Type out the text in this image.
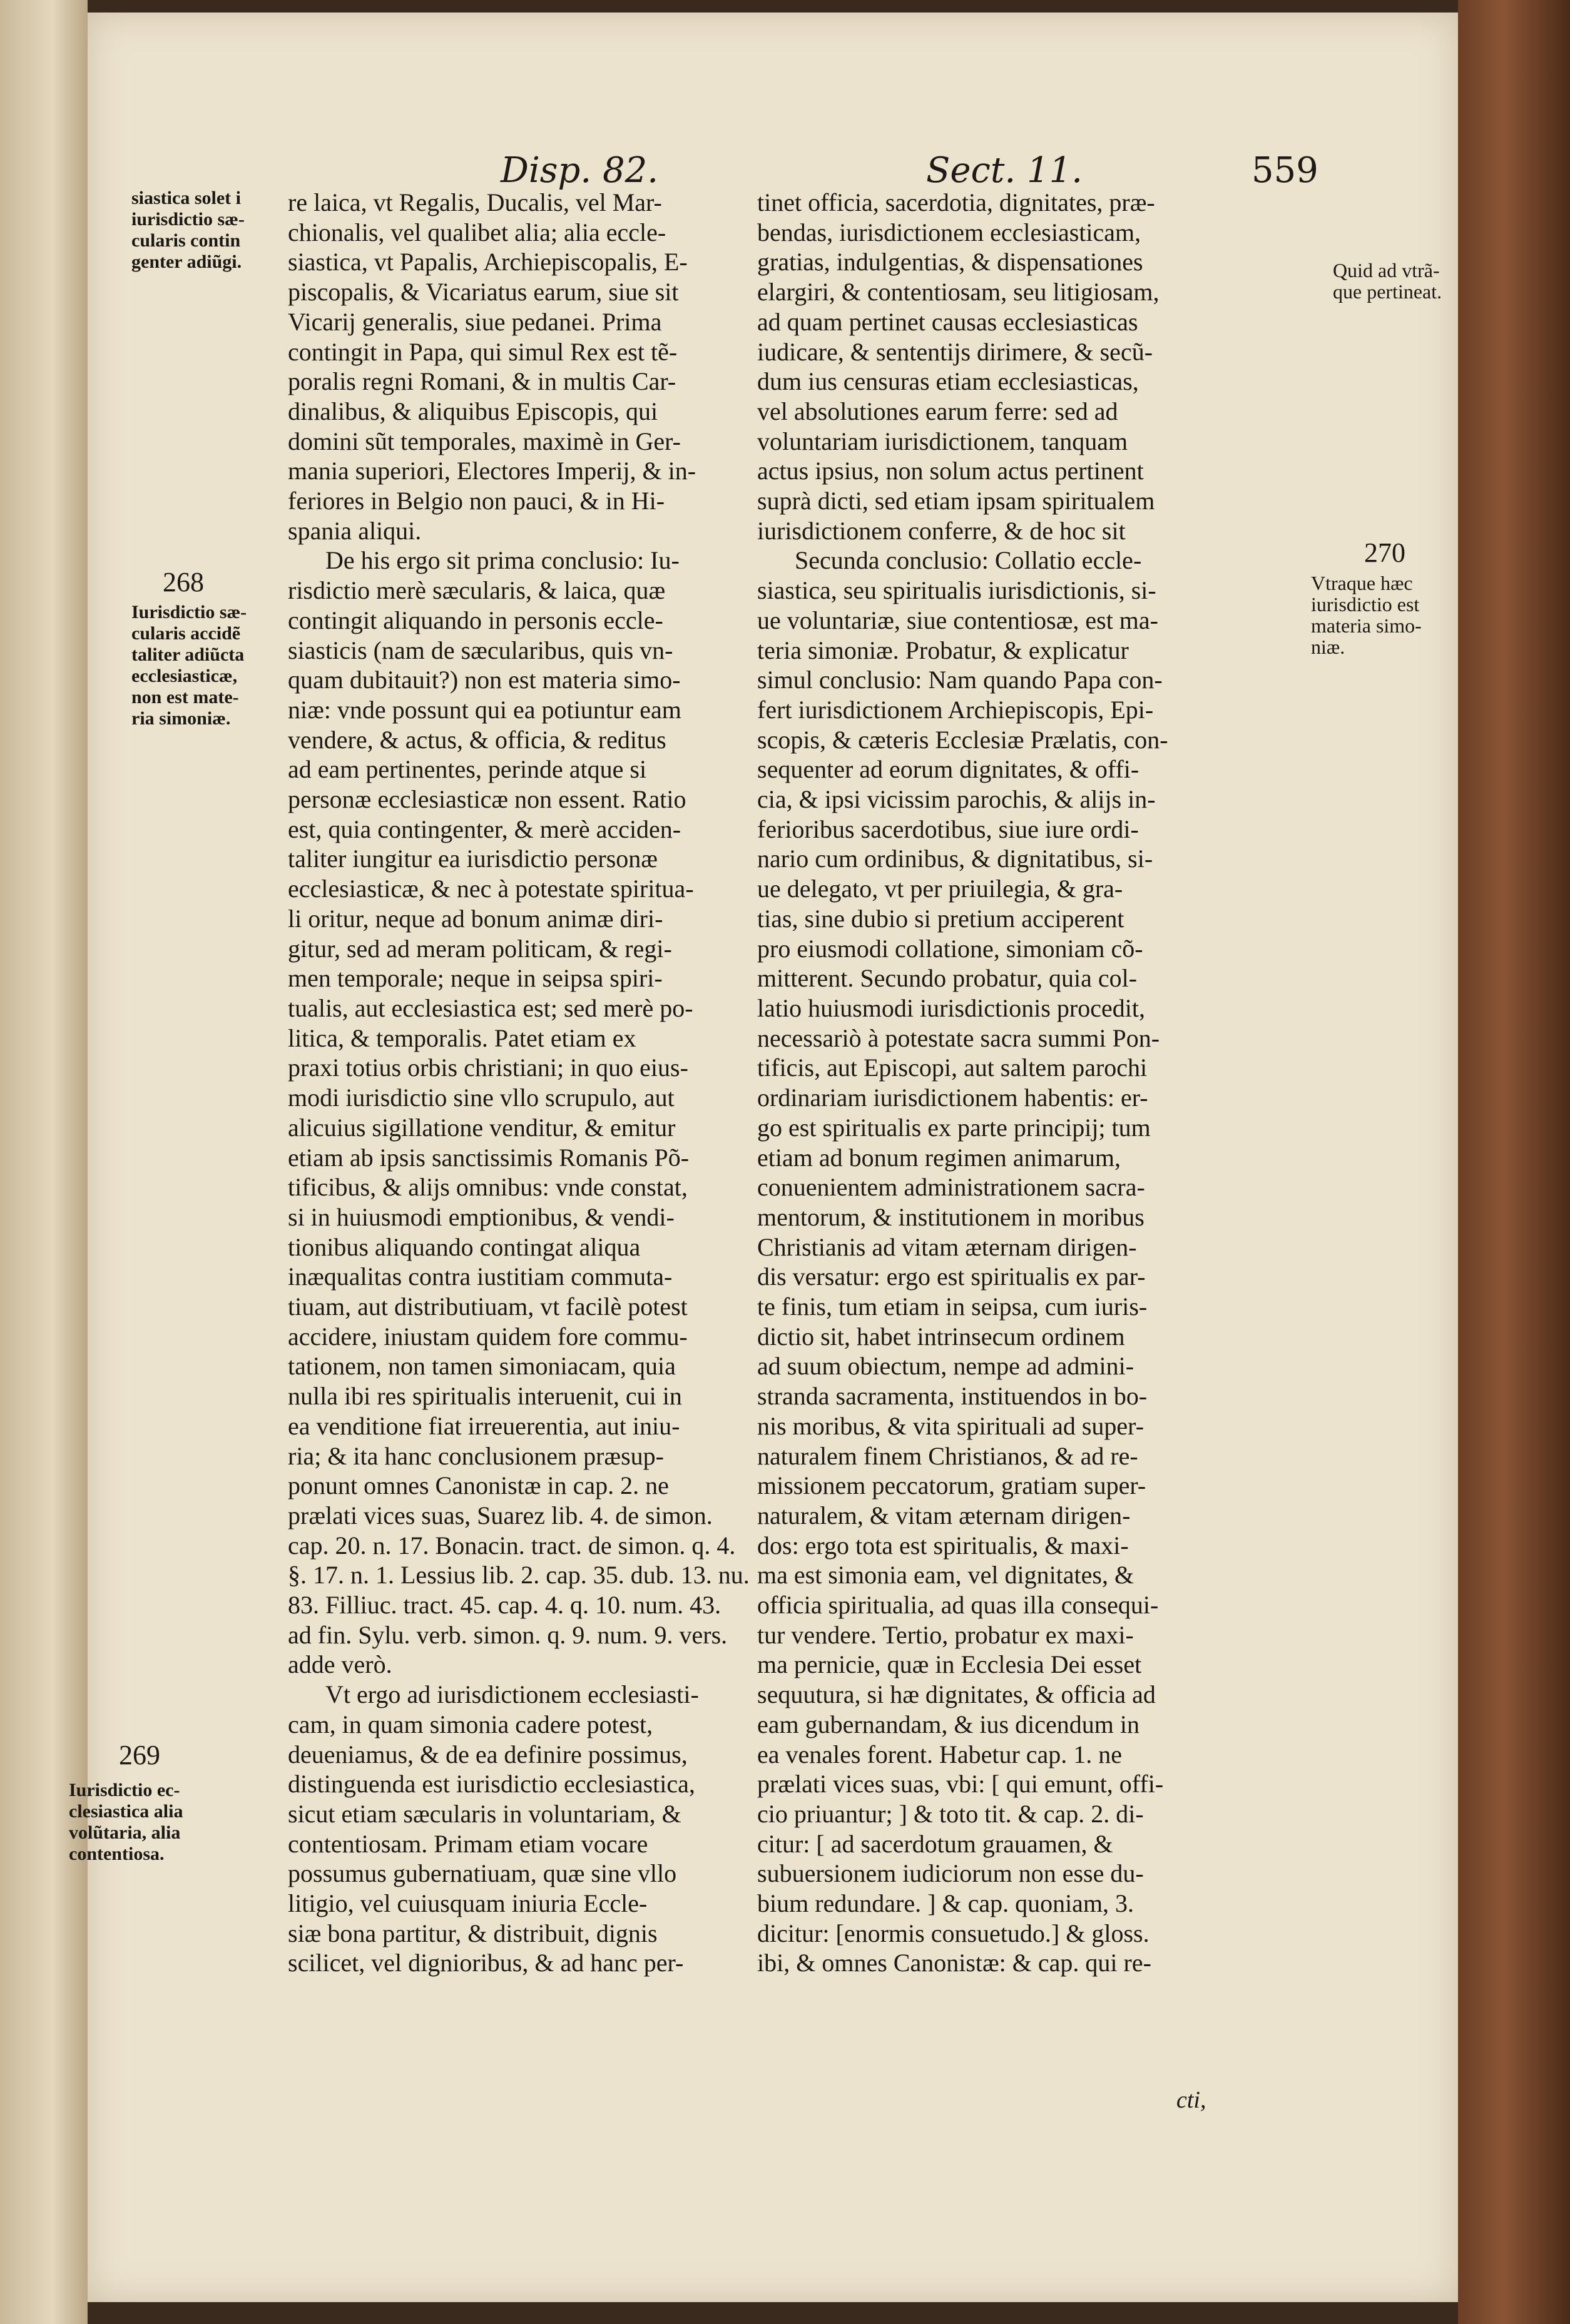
Disp. 82.	Sect. 11.	559
siastica solet i
iurisdictio sæ-
cularis contin
genter adiũgi.
268
Iurisdictio sæ-
cularis accidẽ
taliter adiũcta
ecclesiasticæ,
non est mate-
ria simoniæ.
269
Iurisdictio ec-
clesiastica alia
volũtaria, alia
contentiosa.
Quid ad vtrã-
que pertineat.
270
Vtraque hæc
iurisdictio est
materia simo-
niæ.
re laica, vt Regalis, Ducalis, vel Mar-
chionalis, vel qualibet alia; alia eccle-
siastica, vt Papalis, Archiepiscopalis, E-
piscopalis, & Vicariatus earum, siue sit
Vicarij generalis, siue pedanei. Prima
contingit in Papa, qui simul Rex est tẽ-
poralis regni Romani, & in multis Car-
dinalibus, & aliquibus Episcopis, qui
domini sũt temporales, maximè in Ger-
mania superiori, Electores Imperij, & in-
feriores in Belgio non pauci, & in Hi-
spania aliqui.
De his ergo sit prima conclusio: Iu-
risdictio merè sæcularis, & laica, quæ
contingit aliquando in personis eccle-
siasticis (nam de sæcularibus, quis vn-
quam dubitauit?) non est materia simo-
niæ: vnde possunt qui ea potiuntur eam
vendere, & actus, & officia, & reditus
ad eam pertinentes, perinde atque si
personæ ecclesiasticæ non essent. Ratio
est, quia contingenter, & merè acciden-
taliter iungitur ea iurisdictio personæ
ecclesiasticæ, & nec à potestate spiritua-
li oritur, neque ad bonum animæ diri-
gitur, sed ad meram politicam, & regi-
men temporale; neque in seipsa spiri-
tualis, aut ecclesiastica est; sed merè po-
litica, & temporalis. Patet etiam ex
praxi totius orbis christiani; in quo eius-
modi iurisdictio sine vllo scrupulo, aut
alicuius sigillatione venditur, & emitur
etiam ab ipsis sanctissimis Romanis Põ-
tificibus, & alijs omnibus: vnde constat,
si in huiusmodi emptionibus, & vendi-
tionibus aliquando contingat aliqua
inæqualitas contra iustitiam commuta-
tiuam, aut distributiuam, vt facilè potest
accidere, iniustam quidem fore commu-
tationem, non tamen simoniacam, quia
nulla ibi res spiritualis interuenit, cui in
ea venditione fiat irreuerentia, aut iniu-
ria; & ita hanc conclusionem præsup-
ponunt omnes Canonistæ in cap. 2. ne
prælati vices suas, Suarez lib. 4. de simon.
cap. 20. n. 17. Bonacin. tract. de simon. q. 4.
§. 17. n. 1. Lessius lib. 2. cap. 35. dub. 13. nu.
83. Filliuc. tract. 45. cap. 4. q. 10. num. 43.
ad fin. Sylu. verb. simon. q. 9. num. 9. vers.
adde verò.
Vt ergo ad iurisdictionem ecclesiasti-
cam, in quam simonia cadere potest,
deueniamus, & de ea definire possimus,
distinguenda est iurisdictio ecclesiastica,
sicut etiam sæcularis in voluntariam, &
contentiosam. Primam etiam vocare
possumus gubernatiuam, quæ sine vllo
litigio, vel cuiusquam iniuria Eccle-
siæ bona partitur, & distribuit, dignis
scilicet, vel dignioribus, & ad hanc per-
tinet officia, sacerdotia, dignitates, præ-
bendas, iurisdictionem ecclesiasticam,
gratias, indulgentias, & dispensationes
elargiri, & contentiosam, seu litigiosam,
ad quam pertinet causas ecclesiasticas
iudicare, & sententijs dirimere, & secũ-
dum ius censuras etiam ecclesiasticas,
vel absolutiones earum ferre: sed ad
voluntariam iurisdictionem, tanquam
actus ipsius, non solum actus pertinent
suprà dicti, sed etiam ipsam spiritualem
iurisdictionem conferre, & de hoc sit
Secunda conclusio: Collatio eccle-
siastica, seu spiritualis iurisdictionis, si-
ue voluntariæ, siue contentiosæ, est ma-
teria simoniæ. Probatur, & explicatur
simul conclusio: Nam quando Papa con-
fert iurisdictionem Archiepiscopis, Epi-
scopis, & cæteris Ecclesiæ Prælatis, con-
sequenter ad eorum dignitates, & offi-
cia, & ipsi vicissim parochis, & alijs in-
ferioribus sacerdotibus, siue iure ordi-
nario cum ordinibus, & dignitatibus, si-
ue delegato, vt per priuilegia, & gra-
tias, sine dubio si pretium acciperent
pro eiusmodi collatione, simoniam cõ-
mitterent. Secundo probatur, quia col-
latio huiusmodi iurisdictionis procedit,
necessariò à potestate sacra summi Pon-
tificis, aut Episcopi, aut saltem parochi
ordinariam iurisdictionem habentis: er-
go est spiritualis ex parte principij; tum
etiam ad bonum regimen animarum,
conuenientem administrationem sacra-
mentorum, & institutionem in moribus
Christianis ad vitam æternam dirigen-
dis versatur: ergo est spiritualis ex par-
te finis, tum etiam in seipsa, cum iuris-
dictio sit, habet intrinsecum ordinem
ad suum obiectum, nempe ad admini-
stranda sacramenta, instituendos in bo-
nis moribus, & vita spirituali ad super-
naturalem finem Christianos, & ad re-
missionem peccatorum, gratiam super-
naturalem, & vitam æternam dirigen-
dos: ergo tota est spiritualis, & maxi-
ma est simonia eam, vel dignitates, &
officia spiritualia, ad quas illa consequi-
tur vendere. Tertio, probatur ex maxi-
ma pernicie, quæ in Ecclesia Dei esset
sequutura, si hæ dignitates, & officia ad
eam gubernandam, & ius dicendum in
ea venales forent. Habetur cap. 1. ne
prælati vices suas, vbi: [ qui emunt, offi-
cio priuantur; ] & toto tit. & cap. 2. di-
citur: [ ad sacerdotum grauamen, &
subuersionem iudiciorum non esse du-
bium redundare. ] & cap. quoniam, 3.
dicitur: [enormis consuetudo.] & gloss.
ibi, & omnes Canonistæ: & cap. qui re-
cti,
